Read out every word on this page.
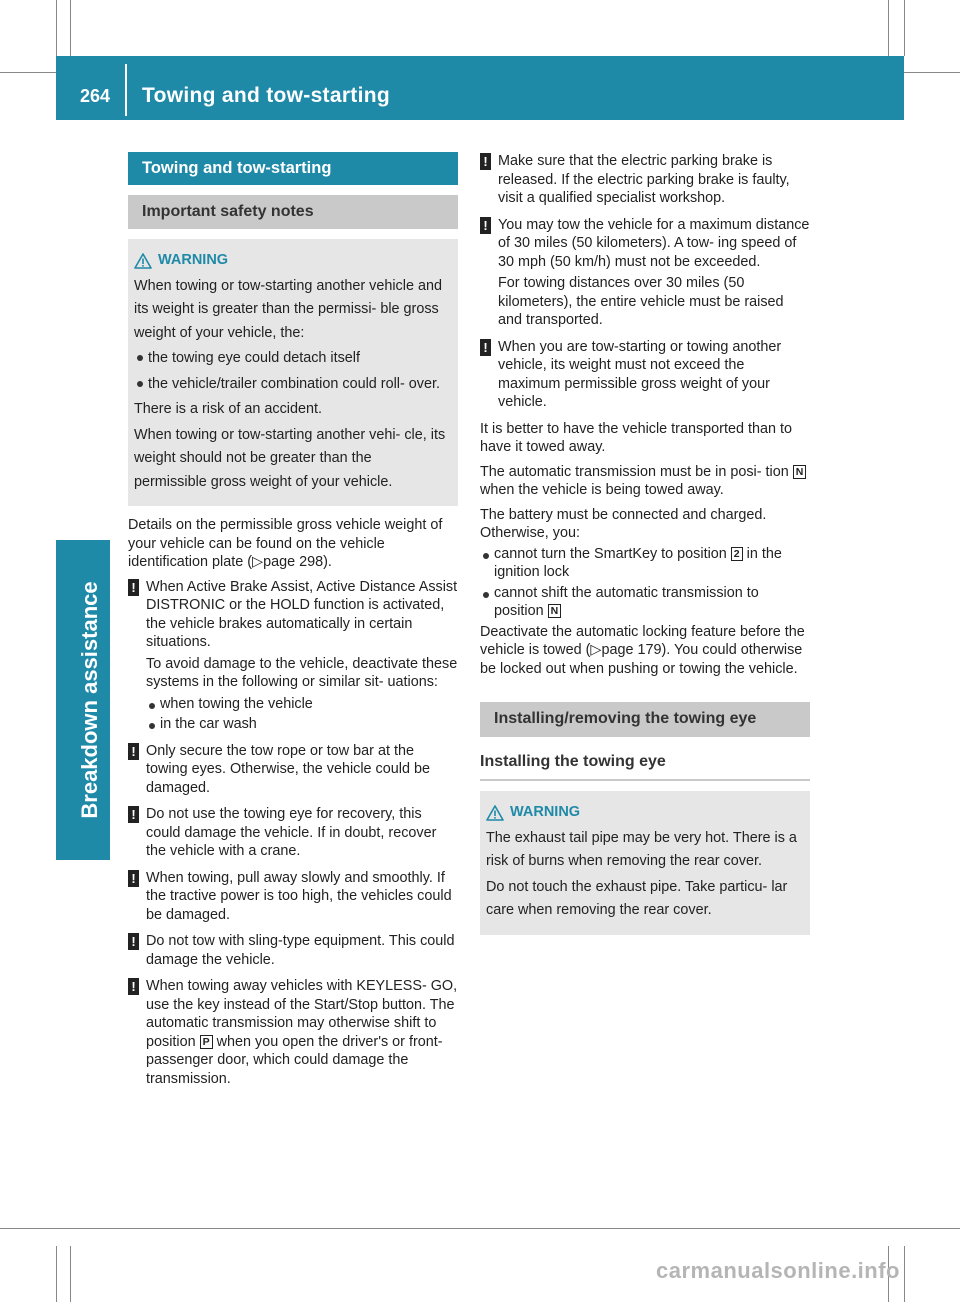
264	Towing and tow-starting
Breakdown assistance
Towing and tow-starting
Important safety notes
WARNING

When towing or tow-starting another vehicle and its weight is greater than the permissi- ble gross weight of your vehicle, the:

the towing eye could detach itself
the vehicle/trailer combination could roll- over.

There is a risk of an accident.

When towing or tow-starting another vehi- cle, its weight should not be greater than the permissible gross weight of your vehicle.

Details on the permissible gross vehicle weight of your vehicle can be found on the vehicle identification plate (▷page 298).

! When Active Brake Assist, Active Distance Assist DISTRONIC or the HOLD function is activated, the vehicle brakes automatically in certain situations.

To avoid damage to the vehicle, deactivate these systems in the following or similar sit- uations:

when towing the vehicle
in the car wash
! Only secure the tow rope or tow bar at the towing eyes. Otherwise, the vehicle could be damaged.

! Do not use the towing eye for recovery, this could damage the vehicle. If in doubt, recover the vehicle with a crane.

! When towing, pull away slowly and smoothly. If the tractive power is too high, the vehicles could be damaged.

! Do not tow with sling-type equipment. This could damage the vehicle.

! When towing away vehicles with KEYLESS- GO, use the key instead of the Start/Stop button. The automatic transmission may otherwise shift to position P when you open the driver's or front-passenger door, which could damage the transmission.

! Make sure that the electric parking brake is released. If the electric parking brake is faulty, visit a qualified specialist workshop.

! You may tow the vehicle for a maximum distance of 30 miles (50 kilometers). A tow- ing speed of 30 mph (50 km/h) must not be exceeded.

For towing distances over 30 miles (50 kilometers), the entire vehicle must be raised and transported.

! When you are tow-starting or towing another vehicle, its weight must not exceed the maximum permissible gross weight of your vehicle.

It is better to have the vehicle transported than to have it towed away.

The automatic transmission must be in posi- tion N when the vehicle is being towed away.

The battery must be connected and charged. Otherwise, you:

cannot turn the SmartKey to position 2 in the ignition lock
cannot shift the automatic transmission to position N

Deactivate the automatic locking feature before the vehicle is towed (▷page 179). You could otherwise be locked out when pushing or towing the vehicle.

Installing/removing the towing eye
Installing the towing eye
WARNING

The exhaust tail pipe may be very hot. There is a risk of burns when removing the rear cover.

Do not touch the exhaust pipe. Take particu- lar care when removing the rear cover.

carmanualsonline.info
